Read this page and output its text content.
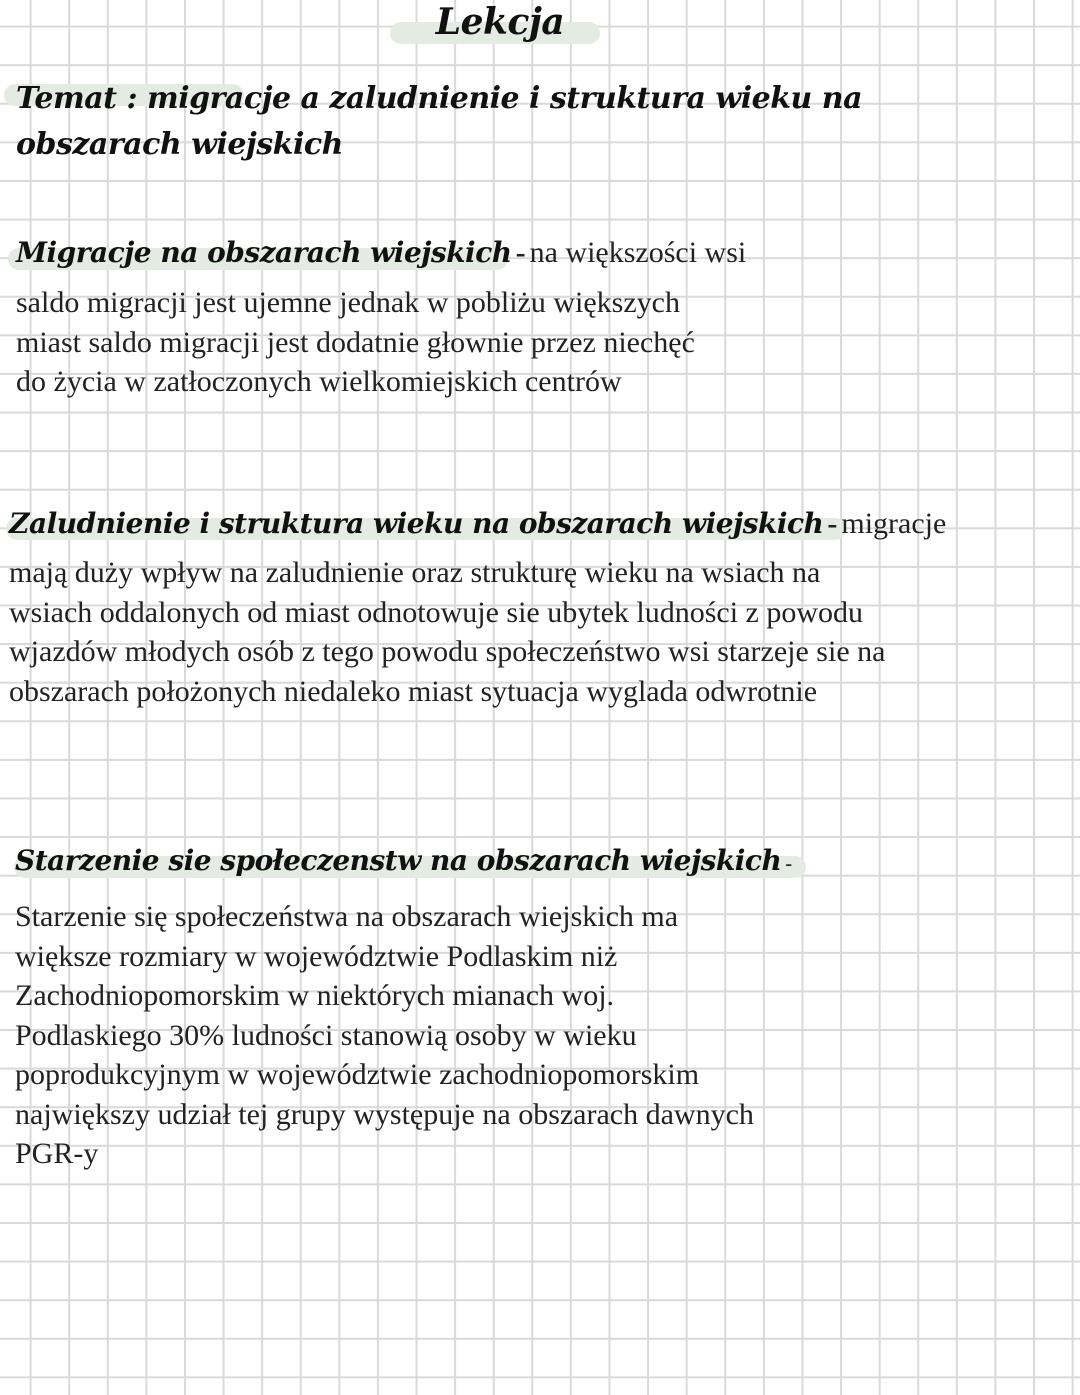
Lekcja
Temat : migracje a zaludnienie i struktura wieku na obszarach wiejskich
Migracje na obszarach wiejskich - na większości wsi
saldo migracji jest ujemne jednak w pobliżu większych
miast saldo migracji jest dodatnie głownie przez niechęć
do życia w zatłoczonych wielkomiejskich centrów
Zaludnienie i struktura wieku na obszarach wiejskich - migracje
mają duży wpływ na zaludnienie oraz strukturę wieku na wsiach na
wsiach oddalonych od miast odnotowuje sie ubytek ludności z powodu
wjazdów młodych osób z tego powodu społeczeństwo wsi starzeje sie na
obszarach położonych niedaleko miast sytuacja wyglada odwrotnie
Starzenie sie społeczenstw na obszarach wiejskich -
Starzenie się społeczeństwa na obszarach wiejskich ma
większe rozmiary w województwie Podlaskim niż
Zachodniopomorskim w niektórych mianach woj.
Podlaskiego 30% ludności stanowią osoby w wieku
poprodukcyjnym w województwie zachodniopomorskim
największy udział tej grupy występuje na obszarach dawnych
PGR-y
